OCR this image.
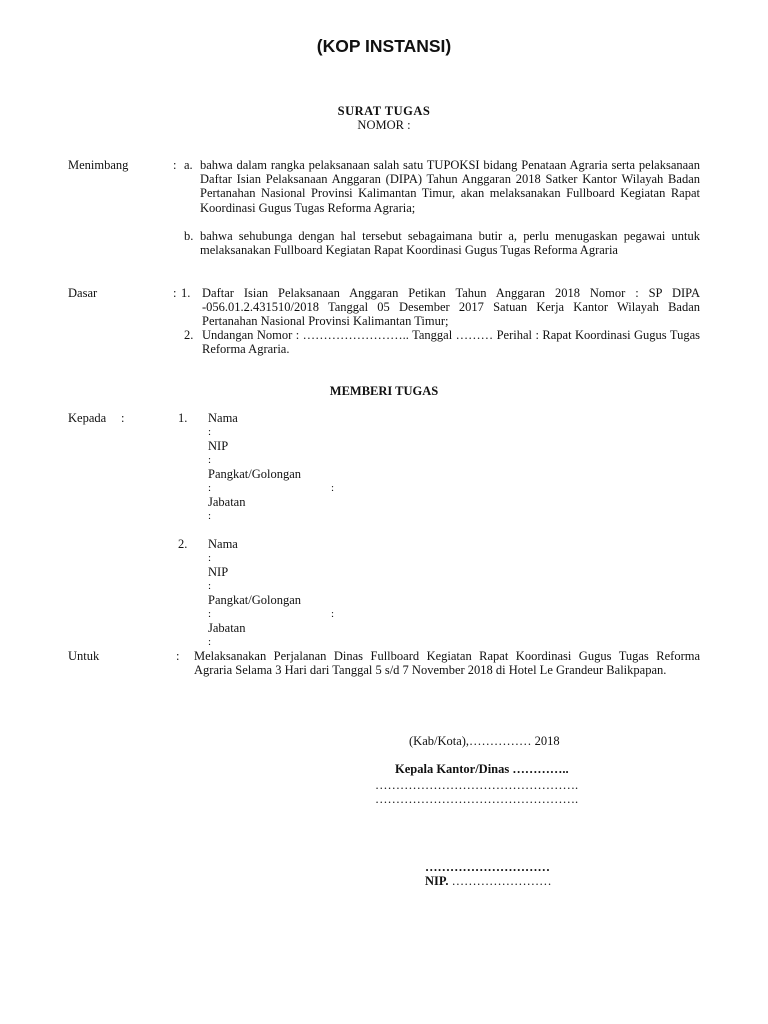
(KOP INSTANSI)
SURAT TUGAS
NOMOR :
Menimbang	: a. bahwa dalam rangka pelaksanaan salah satu TUPOKSI bidang Penataan Agraria serta pelaksanaan Daftar Isian Pelaksanaan Anggaran (DIPA) Tahun Anggaran 2018 Satker Kantor Wilayah Badan Pertanahan Nasional Provinsi Kalimantan Timur, akan melaksanakan Fullboard Kegiatan Rapat Koordinasi Gugus Tugas Reforma Agraria;
b. bahwa sehubunga dengan hal tersebut sebagaimana butir a, perlu menugaskan pegawai untuk melaksanakan Fullboard Kegiatan Rapat Koordinasi Gugus Tugas Reforma Agraria
Dasar	: 1. Daftar Isian Pelaksanaan Anggaran Petikan Tahun Anggaran 2018 Nomor : SP DIPA -056.01.2.431510/2018 Tanggal 05 Desember 2017 Satuan Kerja Kantor Wilayah Badan Pertanahan Nasional Provinsi Kalimantan Timur;
2. Undangan Nomor : …………………….. Tanggal ……… Perihal : Rapat Koordinasi Gugus Tugas Reforma Agraria.
MEMBERI TUGAS
Kepada :	1. Nama
:
NIP
:
Pangkat/Golongan
:	:
Jabatan
:
2. Nama
:
NIP
:
Pangkat/Golongan
:	:
Jabatan
:
Untuk	: Melaksanakan Perjalanan Dinas Fullboard Kegiatan Rapat Koordinasi Gugus Tugas Reforma Agraria Selama 3 Hari dari Tanggal 5 s/d 7 November 2018 di Hotel Le Grandeur Balikpapan.
(Kab/Kota),…………… 2018
Kepala Kantor/Dinas …………..
………………………………………….
………………………………………….
…………………………
NIP. ……………………
